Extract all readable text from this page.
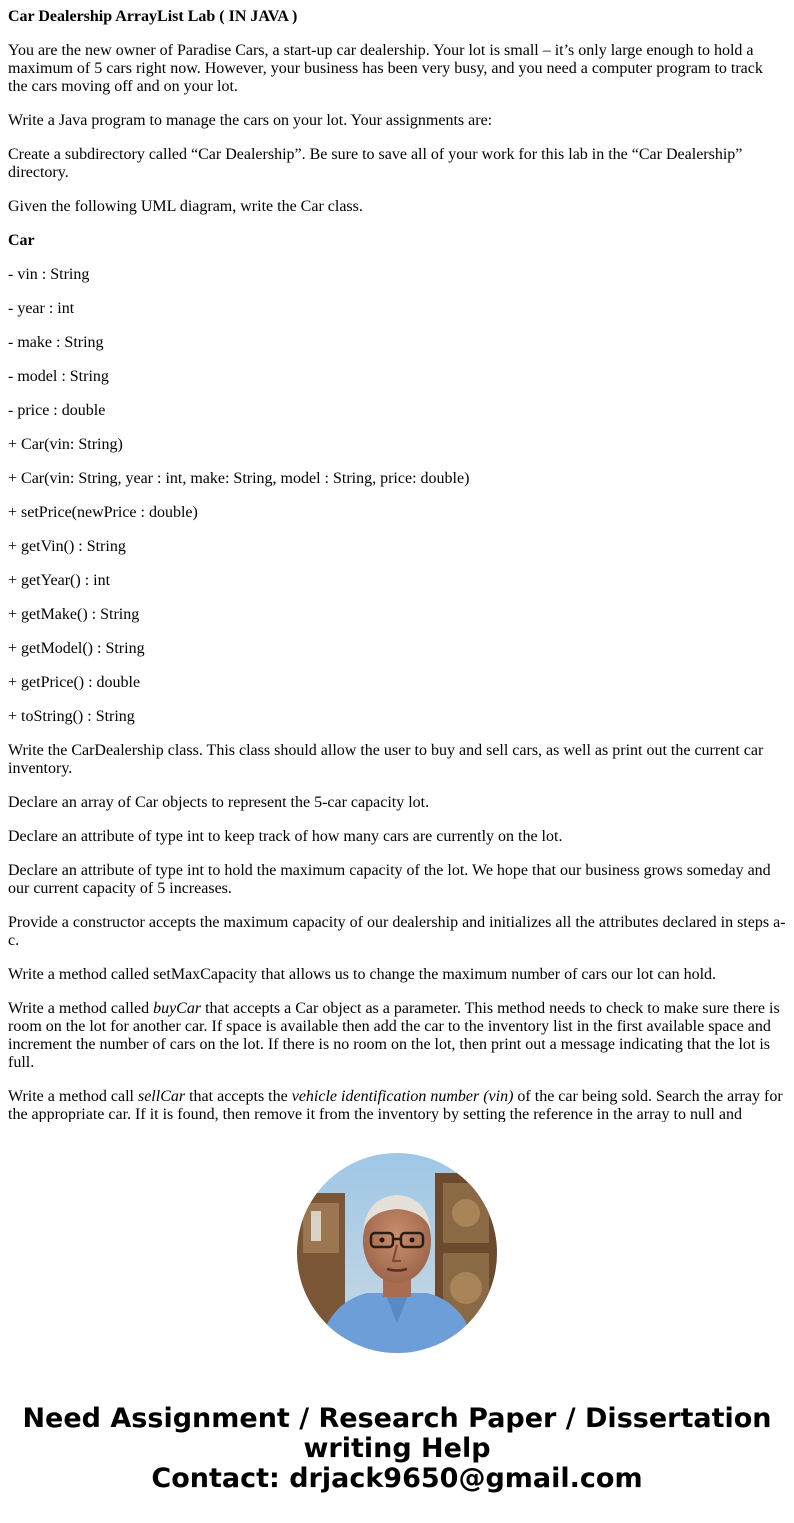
Car Dealership ArrayList Lab ( IN JAVA )

You are the new owner of Paradise Cars, a start-up car dealership. Your lot is small – it’s only large enough to hold a maximum of 5 cars right now. However, your business has been very busy, and you need a computer program to track the cars moving off and on your lot.

Write a Java program to manage the cars on your lot. Your assignments are:

Create a subdirectory called “Car Dealership”. Be sure to save all of your work for this lab in the “Car Dealership” directory.

Given the following UML diagram, write the Car class.

Car

- vin : String

- year : int

- make : String

- model : String

- price : double

+ Car(vin: String)

+ Car(vin: String, year : int, make: String, model : String, price: double)

+ setPrice(newPrice : double)

+ getVin() : String

+ getYear() : int

+ getMake() : String

+ getModel() : String

+ getPrice() : double

+ toString() : String

Write the CarDealership class. This class should allow the user to buy and sell cars, as well as print out the current car inventory.

Declare an array of Car objects to represent the 5-car capacity lot.

Declare an attribute of type int to keep track of how many cars are currently on the lot.

Declare an attribute of type int to hold the maximum capacity of the lot. We hope that our business grows someday and our current capacity of 5 increases.

Provide a constructor accepts the maximum capacity of our dealership and initializes all the attributes declared in steps a-c.

Write a method called setMaxCapacity that allows us to change the maximum number of cars our lot can hold.

Write a method called buyCar that accepts a Car object as a parameter. This method needs to check to make sure there is room on the lot for another car. If space is available then add the car to the inventory list in the first available space and increment the number of cars on the lot. If there is no room on the lot, then print out a message indicating that the lot is full.

Write a method call sellCar that accepts the vehicle identification number (vin) of the car being sold. Search the array for the appropriate car. If it is found, then remove it from the inventory by setting the reference in the array to null and

Need Assignment / Research Paper / Dissertation
writing Help
Contact: drjack9650@gmail.com
